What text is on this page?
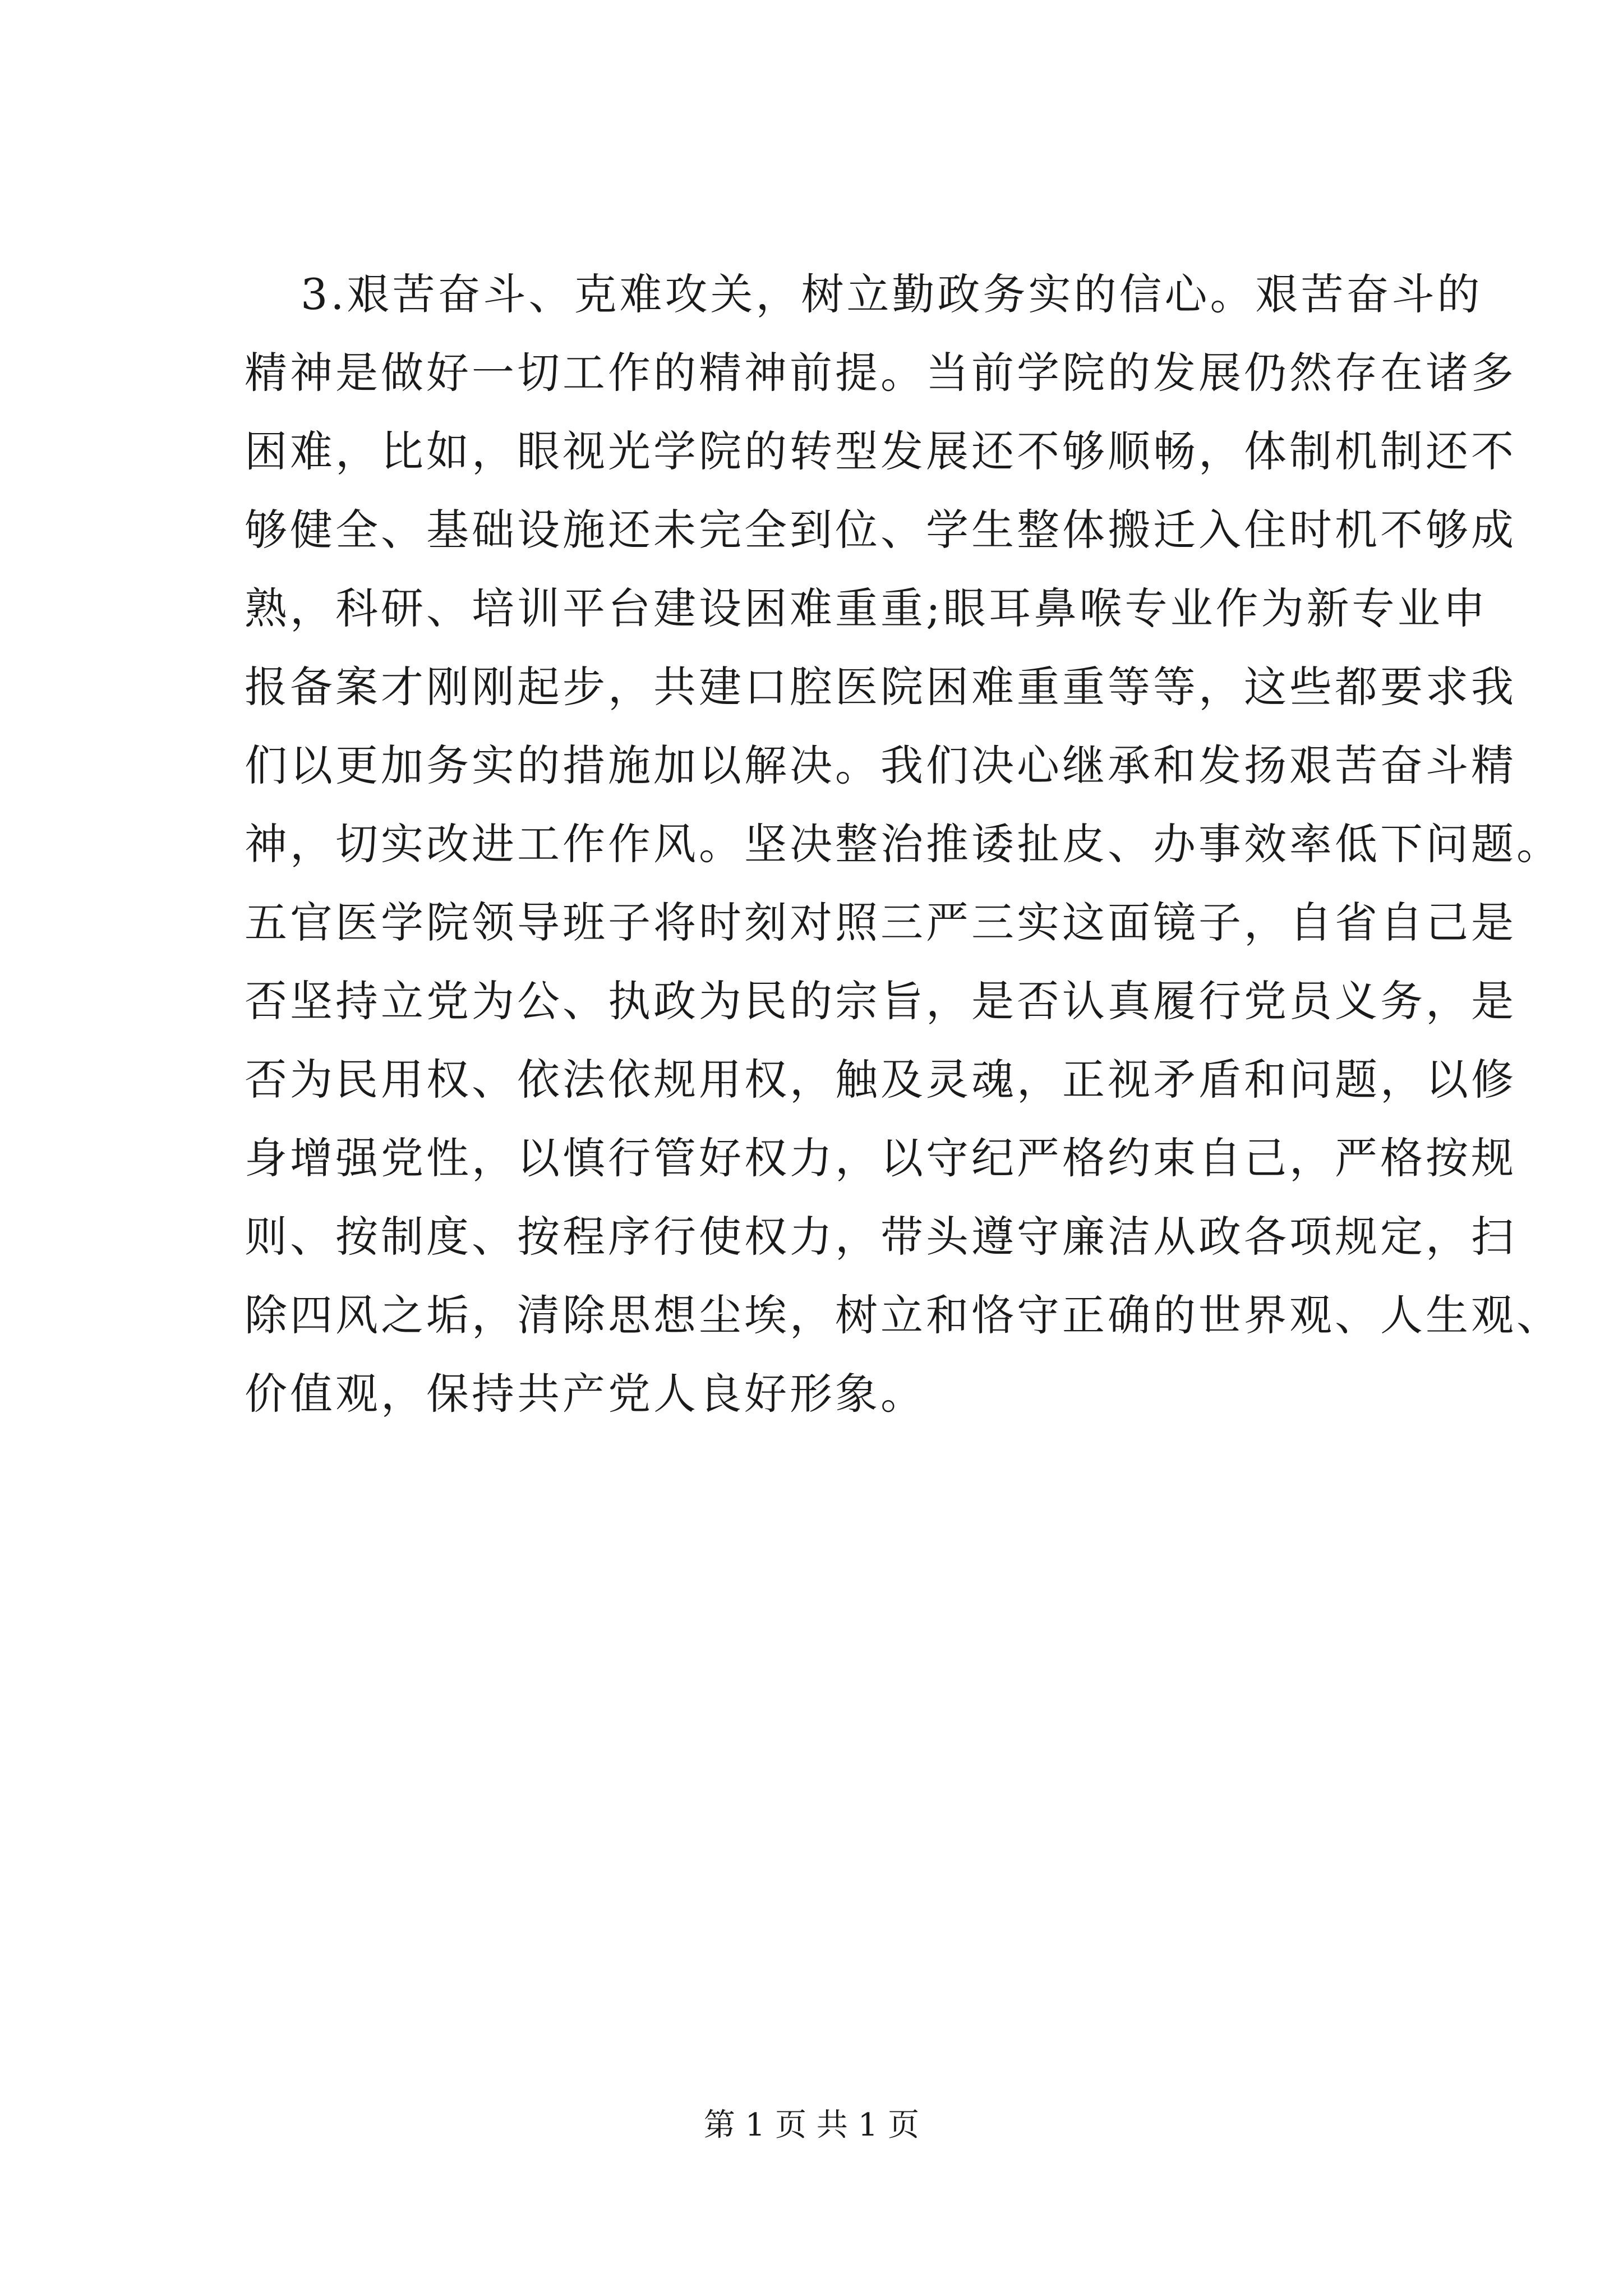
3.艰苦奋斗、克难攻关，树立勤政务实的信心。艰苦奋斗的
精神是做好一切工作的精神前提。当前学院的发展仍然存在诸多
困难，比如，眼视光学院的转型发展还不够顺畅，体制机制还不
够健全、基础设施还未完全到位、学生整体搬迁入住时机不够成
熟，科研、培训平台建设困难重重;眼耳鼻喉专业作为新专业申
报备案才刚刚起步，共建口腔医院困难重重等等，这些都要求我
们以更加务实的措施加以解决。我们决心继承和发扬艰苦奋斗精
神，切实改进工作作风。坚决整治推诿扯皮、办事效率低下问题。
五官医学院领导班子将时刻对照三严三实这面镜子，自省自己是
否坚持立党为公、执政为民的宗旨，是否认真履行党员义务，是
否为民用权、依法依规用权，触及灵魂，正视矛盾和问题，以修
身增强党性，以慎行管好权力，以守纪严格约束自己，严格按规
则、按制度、按程序行使权力，带头遵守廉洁从政各项规定，扫
除四风之垢，清除思想尘埃，树立和恪守正确的世界观、人生观、
价值观，保持共产党人良好形象。
第 1 页 共 1 页
